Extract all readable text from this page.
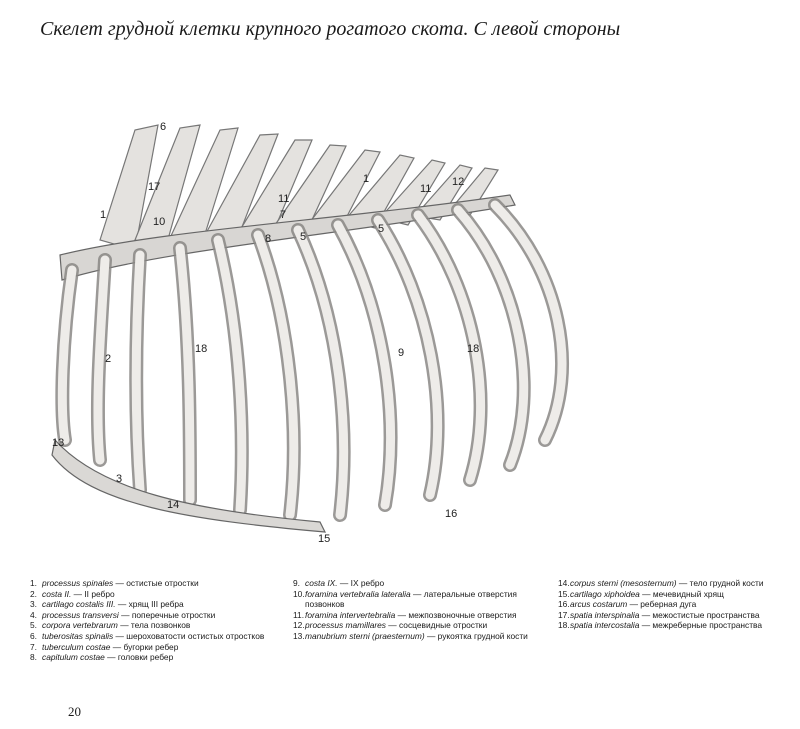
Скелет грудной клетки крупного рогатого скота. С левой стороны
6
17
1
10
11
7
8	5
1
11
12
5
2
18	9	18
13
3
14
16
15
1. processus spinales — остистые отростки
2. costa II. — II ребро
3. cartilago costalis III. — хрящ III ребра
4. processus transversi — поперечные отростки
5. corpora vertebrarum — тела позвонков
6. tuberositas spinalis — шероховатости остистых отростков
7. tuberculum costae — бугорки ребер
8. capitulum costae — головки ребер
9. costa IX. — IX ребро
10. foramina vertebralia lateralia — латеральные отверстия позвонков
11. foramina intervertebralia — межпозвоночные отверстия
12. processus mamillares — сосцевидные отростки
13. manubrium sterni (praesternum) — рукоятка грудной кости
14. corpus sterni (mesosternum) — тело грудной кости
15. cartilago xiphoidea — мечевидный хрящ
16. arcus costarum — реберная дуга
17. spatia interspinalia — межостистые пространства
18. spatia intercostalia — межреберные пространства
20
